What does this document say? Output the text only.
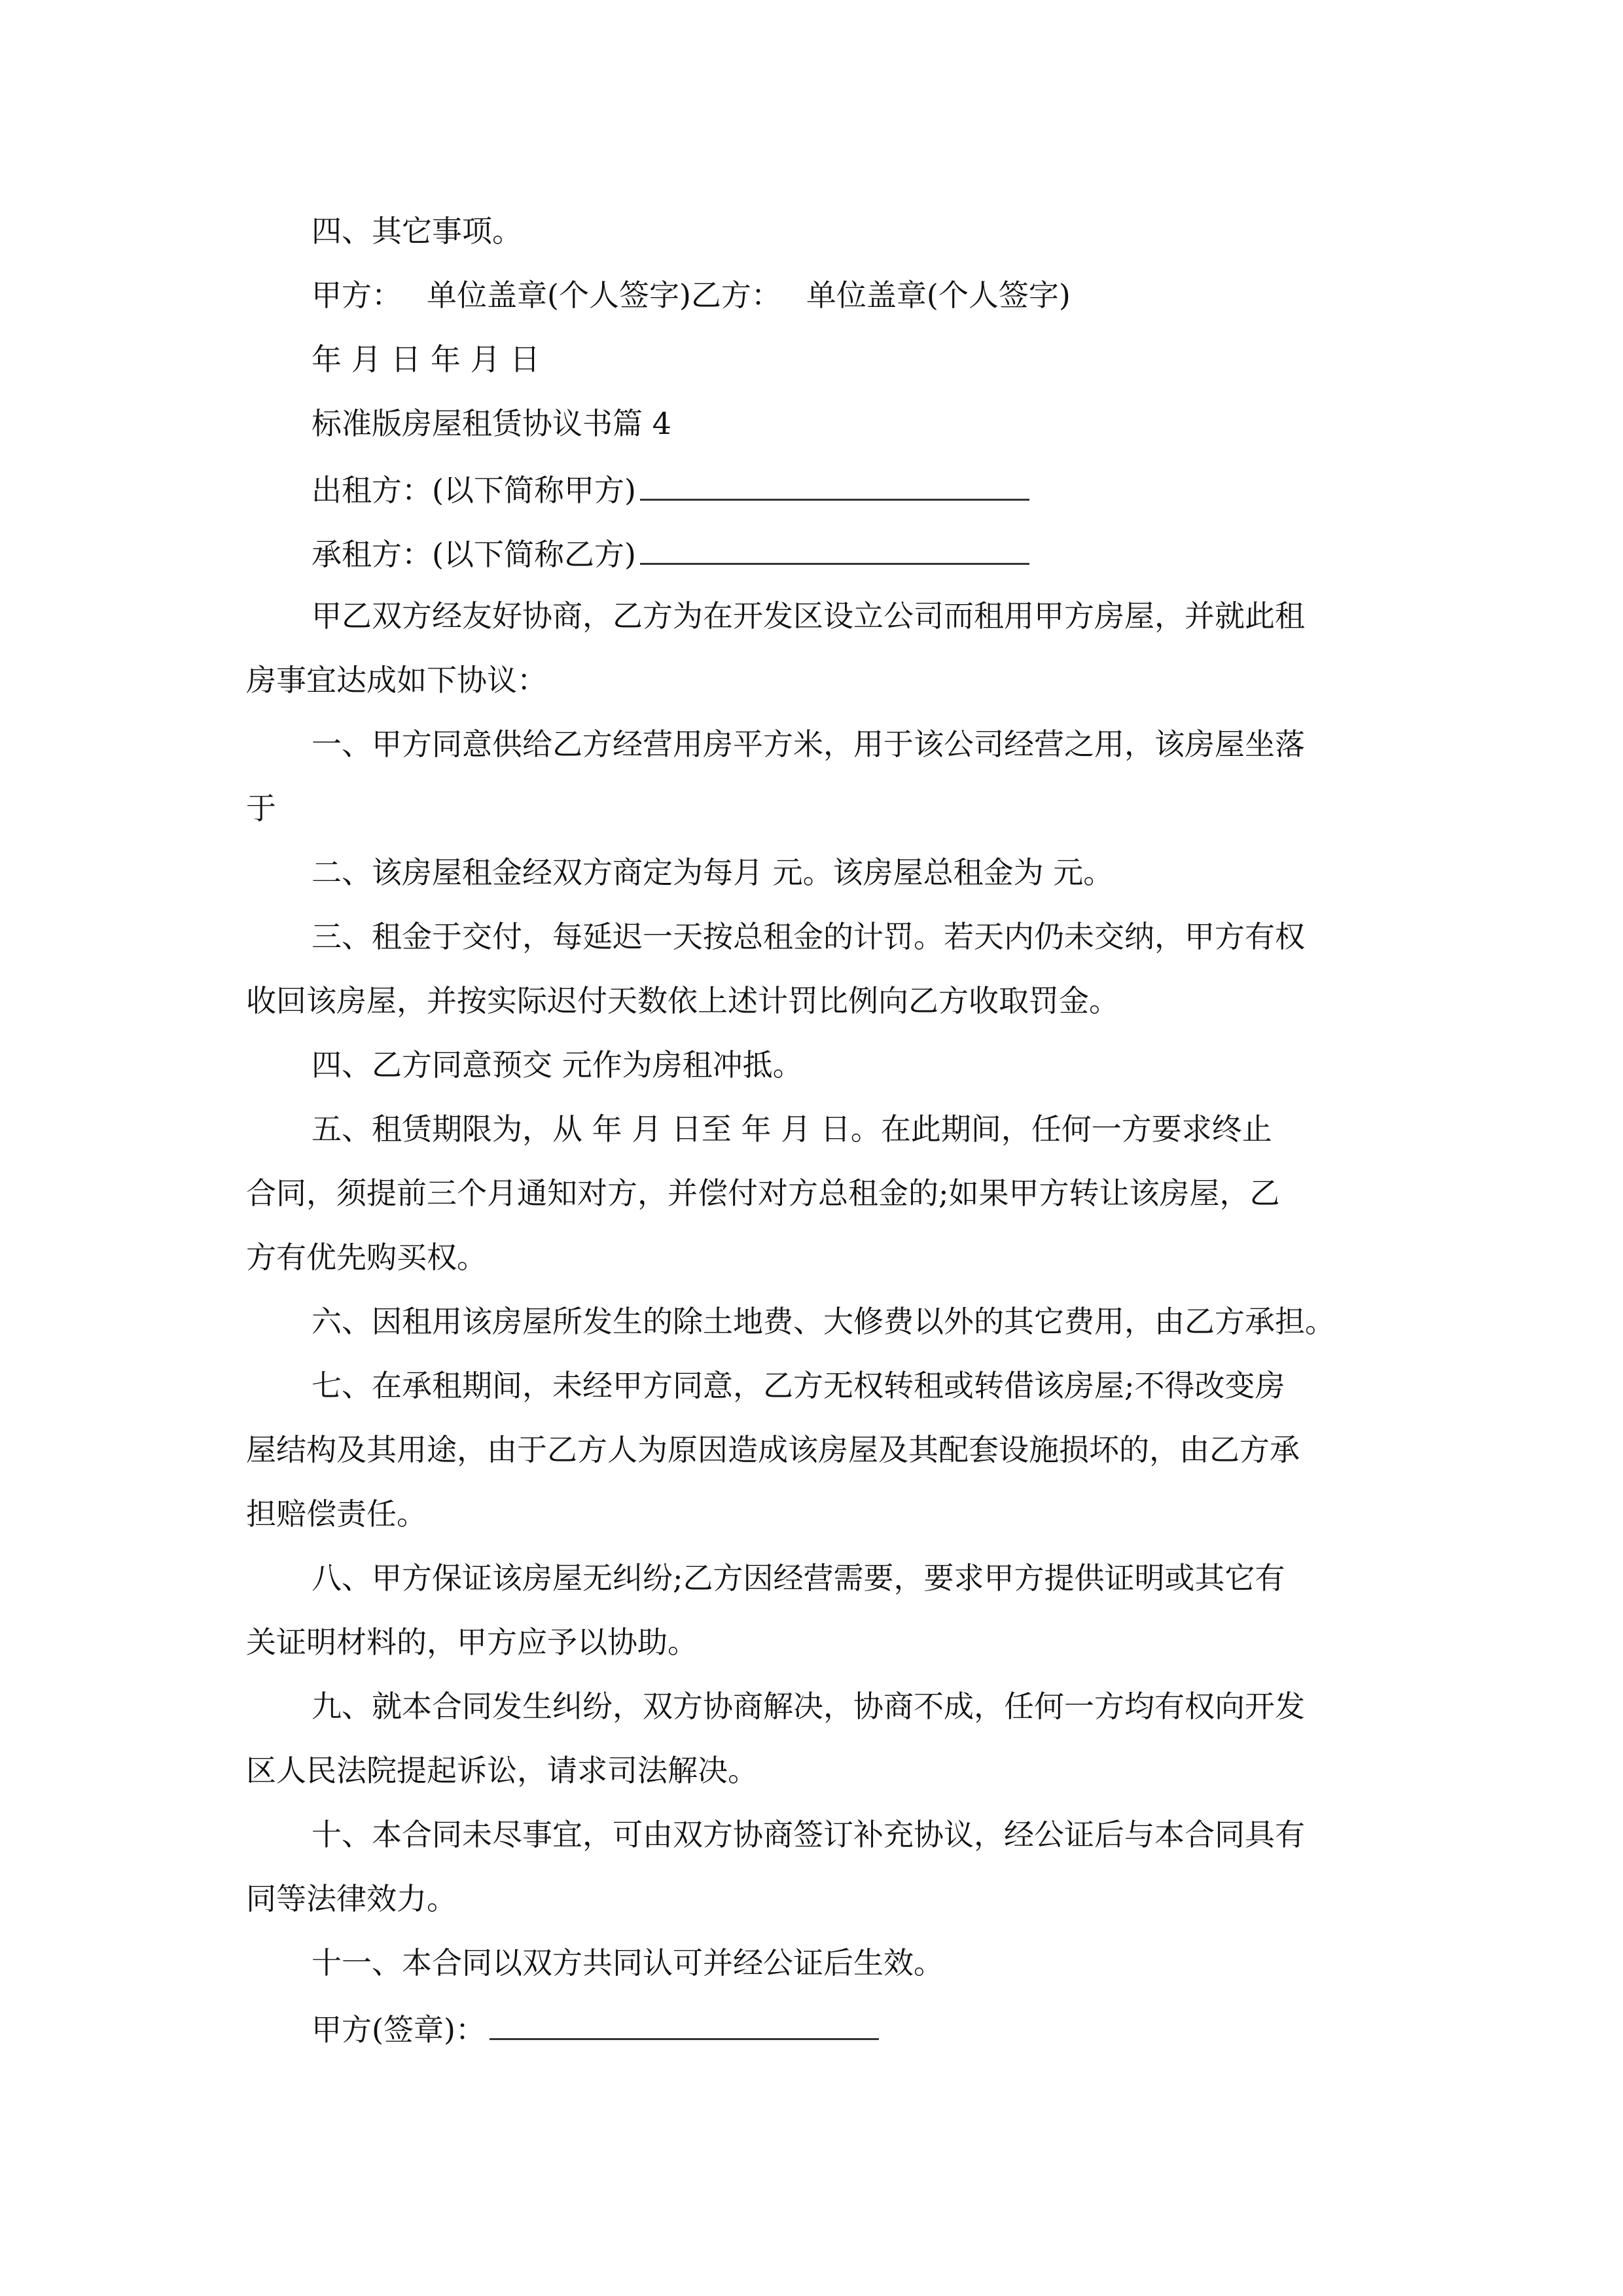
四、其它事项。
甲方： 单位盖章(个人签字)乙方： 单位盖章(个人签字)
年 月 日 年 月 日
标准版房屋租赁协议书篇 4
出租方：(以下简称甲方)
承租方：(以下简称乙方)
甲乙双方经友好协商，乙方为在开发区设立公司而租用甲方房屋，并就此租
房事宜达成如下协议：
一、甲方同意供给乙方经营用房平方米，用于该公司经营之用，该房屋坐落
于
二、该房屋租金经双方商定为每月 元。该房屋总租金为 元。
三、租金于交付，每延迟一天按总租金的计罚。若天内仍未交纳，甲方有权
收回该房屋，并按实际迟付天数依上述计罚比例向乙方收取罚金。
四、乙方同意预交 元作为房租冲抵。
五、租赁期限为，从 年 月 日至 年 月 日。在此期间，任何一方要求终止
合同，须提前三个月通知对方，并偿付对方总租金的;如果甲方转让该房屋，乙
方有优先购买权。
六、因租用该房屋所发生的除土地费、大修费以外的其它费用，由乙方承担。
七、在承租期间，未经甲方同意，乙方无权转租或转借该房屋;不得改变房
屋结构及其用途，由于乙方人为原因造成该房屋及其配套设施损坏的，由乙方承
担赔偿责任。
八、甲方保证该房屋无纠纷;乙方因经营需要，要求甲方提供证明或其它有
关证明材料的，甲方应予以协助。
九、就本合同发生纠纷，双方协商解决，协商不成，任何一方均有权向开发
区人民法院提起诉讼，请求司法解决。
十、本合同未尽事宜，可由双方协商签订补充协议，经公证后与本合同具有
同等法律效力。
十一、本合同以双方共同认可并经公证后生效。
甲方(签章)：
